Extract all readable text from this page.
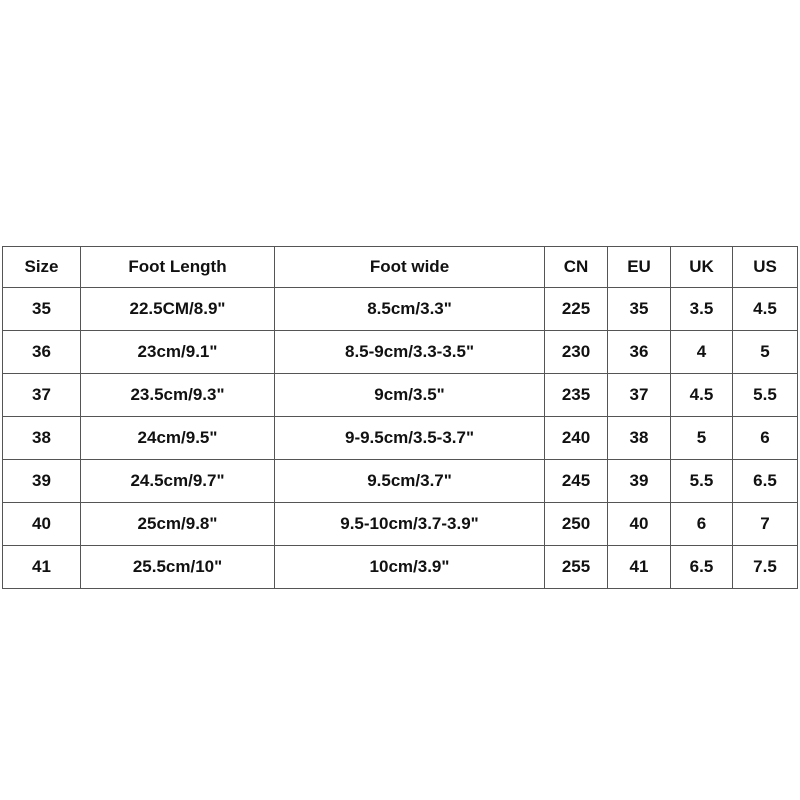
Size	Foot Length	Foot wide	CN	EU	UK	US
35	22.5CM/8.9"	8.5cm/3.3"	225	35	3.5	4.5
36	23cm/9.1"	8.5-9cm/3.3-3.5"	230	36	4	5
37	23.5cm/9.3"	9cm/3.5"	235	37	4.5	5.5
38	24cm/9.5"	9-9.5cm/3.5-3.7"	240	38	5	6
39	24.5cm/9.7"	9.5cm/3.7"	245	39	5.5	6.5
40	25cm/9.8"	9.5-10cm/3.7-3.9"	250	40	6	7
41	25.5cm/10"	10cm/3.9"	255	41	6.5	7.5
